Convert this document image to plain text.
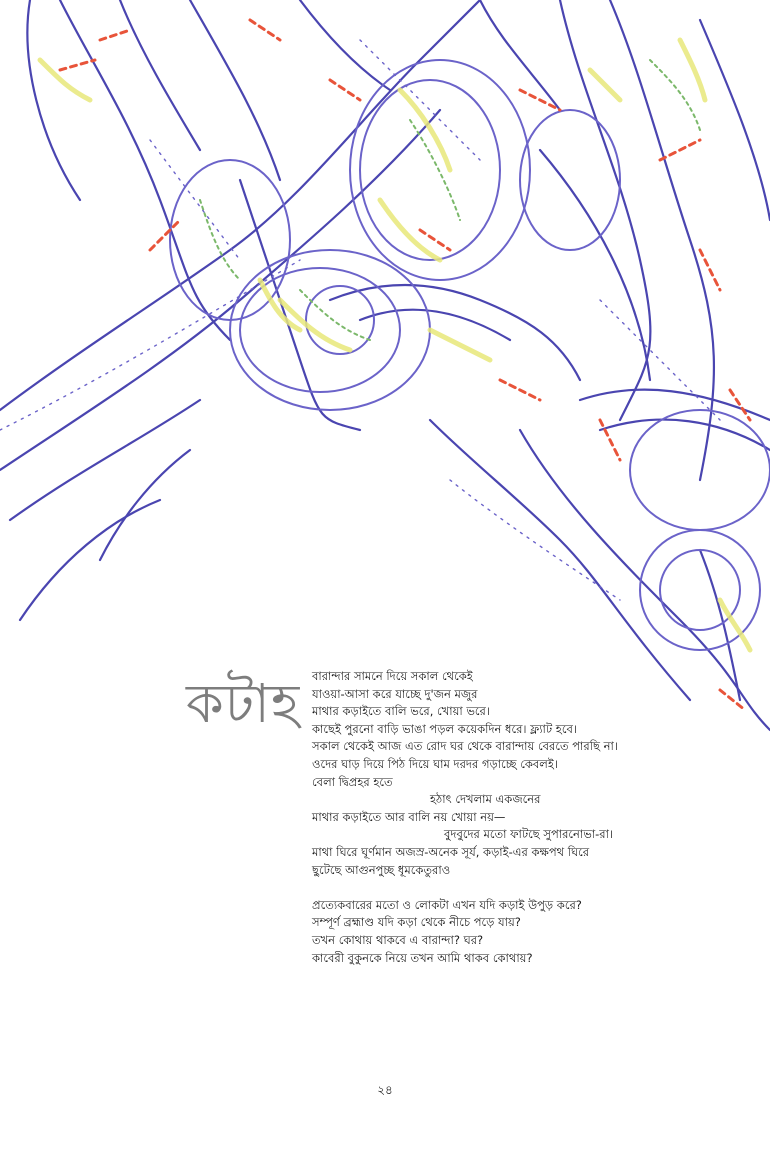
কটাহ বারান্দার সামনে দিয়ে সকাল থেকেই
যাওয়া-আসা করে যাচ্ছে দু'জন মজুর
মাথার কড়াইতে বালি ভরে, খোয়া ভরে।
কাছেই পুরনো বাড়ি ভাঙা পড়ল কয়েকদিন ধরে। ফ্ল্যাট হবে।
সকাল থেকেই আজ এত রোদ ঘর থেকে বারান্দায় বেরতে পারছি না।
ওদের ঘাড় দিয়ে পিঠ দিয়ে ঘাম দরদর গড়াচ্ছে কেবলই।
বেলা দ্বিপ্রহর হতে
হঠাৎ দেখলাম একজনের
মাথার কড়াইতে আর বালি নয় খোয়া নয়—
বুদবুদের মতো ফাটছে সুপারনোভা-রা।
মাথা ঘিরে ঘূর্ণমান অজস্র-অনেক সূর্য, কড়াই-এর কক্ষপথ ঘিরে
ছুটেছে আগুনপুচ্ছ ধূমকেতুরাও
প্রত্যেকবারের মতো ও লোকটা এখন যদি কড়াই উপুড় করে?
সম্পূর্ণ ব্রহ্মাণ্ড যদি কড়া থেকে নীচে পড়ে যায়?
তখন কোথায় থাকবে এ বারান্দা? ঘর?
কাবেরী বুকুনকে নিয়ে তখন আমি থাকব কোথায়?
২৪
